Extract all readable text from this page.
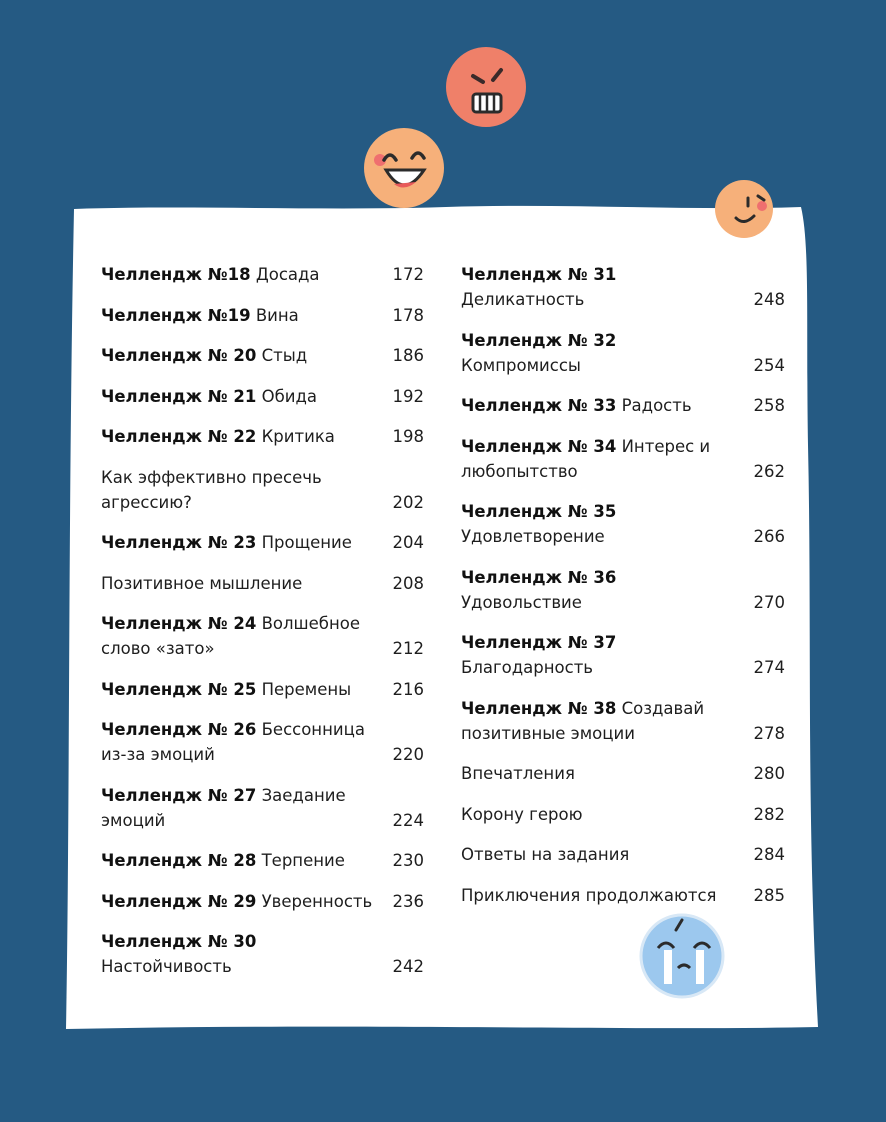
Челлендж №18 Досада	172
Челлендж №19 Вина	178
Челлендж № 20 Стыд	186
Челлендж № 21 Обида	192
Челлендж № 22 Критика	198
Как эффективно пресечь агрессию?	202
Челлендж № 23 Прощение	204
Позитивное мышление	208
Челлендж № 24 Волшебное слово «зато»	212
Челлендж № 25 Перемены	216
Челлендж № 26 Бессонница из-за эмоций	220
Челлендж № 27 Заедание эмоций	224
Челлендж № 28 Терпение	230
Челлендж № 29 Уверенность	236
Челлендж № 30 Настойчивость	242
Челлендж № 31 Деликатность	248
Челлендж № 32 Компромиссы	254
Челлендж № 33 Радость	258
Челлендж № 34 Интерес и любопытство	262
Челлендж № 35 Удовлетворение	266
Челлендж № 36 Удовольствие	270
Челлендж № 37 Благодарность	274
Челлендж № 38 Создавай позитивные эмоции	278
Впечатления	280
Корону герою	282
Ответы на задания	284
Приключения продолжаются	285
